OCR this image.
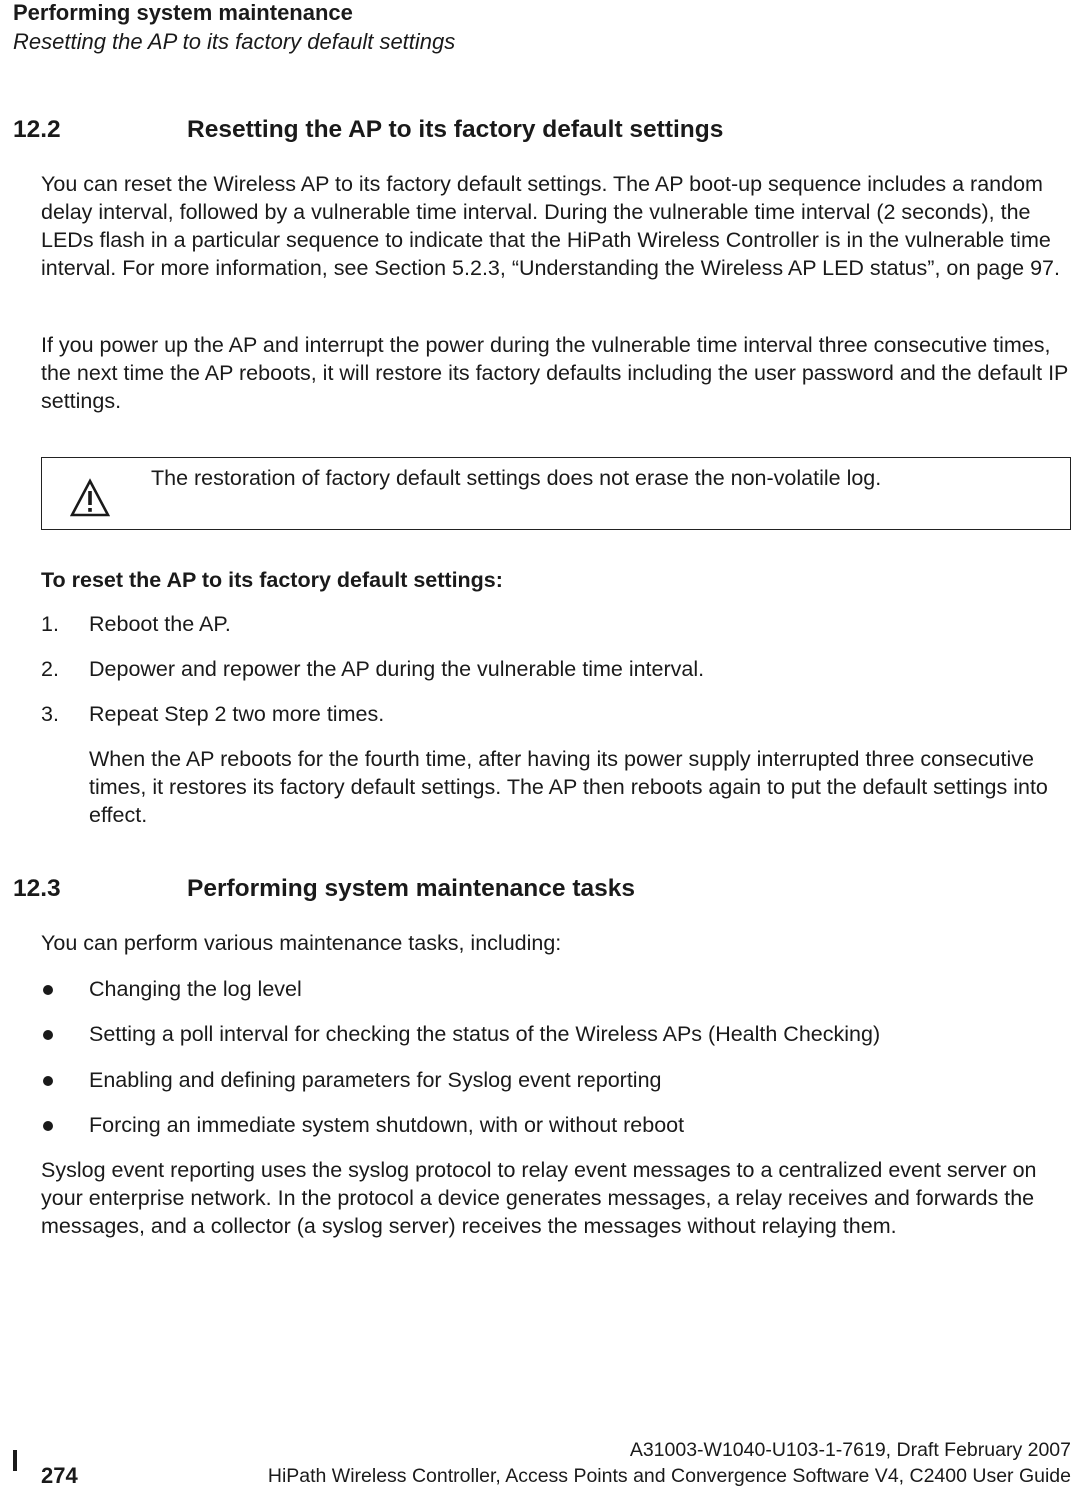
Performing system maintenance
Resetting the AP to its factory default settings
12.2	Resetting the AP to its factory default settings
You can reset the Wireless AP to its factory default settings. The AP boot-up sequence includes a random delay interval, followed by a vulnerable time interval. During the vulnerable time interval (2 seconds), the LEDs flash in a particular sequence to indicate that the HiPath Wireless Controller is in the vulnerable time interval. For more information, see Section 5.2.3, “Understanding the Wireless AP LED status”, on page 97.
If you power up the AP and interrupt the power during the vulnerable time interval three consecutive times, the next time the AP reboots, it will restore its factory defaults including the user password and the default IP settings.
The restoration of factory default settings does not erase the non-volatile log.
To reset the AP to its factory default settings:
1. Reboot the AP.
2. Depower and repower the AP during the vulnerable time interval.
3. Repeat Step 2 two more times.
When the AP reboots for the fourth time, after having its power supply interrupted three consecutive times, it restores its factory default settings. The AP then reboots again to put the default settings into effect.
12.3	Performing system maintenance tasks
You can perform various maintenance tasks, including:
Changing the log level
Setting a poll interval for checking the status of the Wireless APs (Health Checking)
Enabling and defining parameters for Syslog event reporting
Forcing an immediate system shutdown, with or without reboot
Syslog event reporting uses the syslog protocol to relay event messages to a centralized event server on your enterprise network. In the protocol a device generates messages, a relay receives and forwards the messages, and a collector (a syslog server) receives the messages without relaying them.
274
A31003-W1040-U103-1-7619, Draft February 2007
HiPath Wireless Controller, Access Points and Convergence Software V4, C2400 User Guide
